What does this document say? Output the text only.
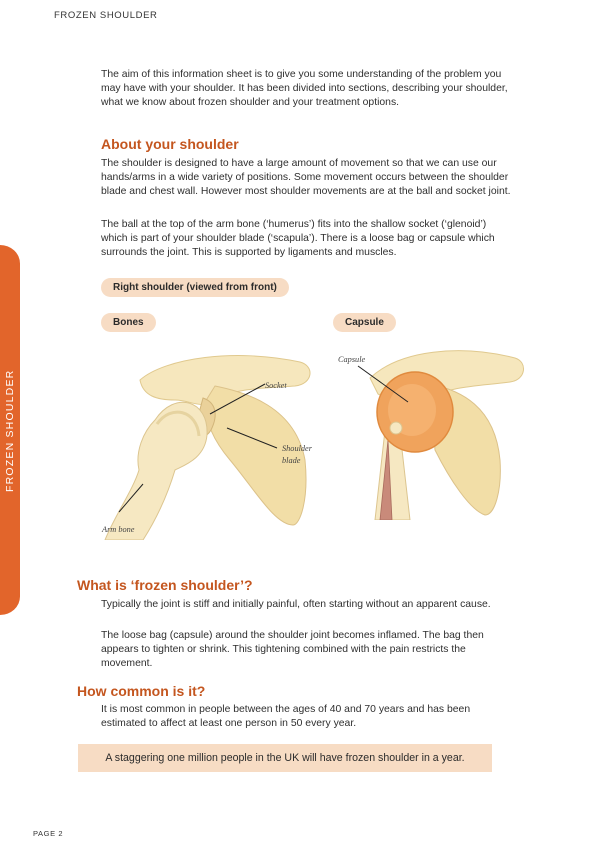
FROZEN SHOULDER

The aim of this information sheet is to give you some understanding of the problem you may have with your shoulder. It has been divided into sections, describing your shoulder, what we know about frozen shoulder and your treatment options.

About your shoulder

The shoulder is designed to have a large amount of movement so that we can use our hands/arms in a wide variety of positions. Some movement occurs between the shoulder blade and chest wall. However most shoulder movements are at the ball and socket joint.

The ball at the top of the arm bone (‘humerus’) fits into the shallow socket (‘glenoid’) which is part of your shoulder blade (‘scapula’). There is a loose bag or capsule which surrounds the joint. This is supported by ligaments and muscles.

Right shoulder (viewed from front)
Bones	Capsule
Socket
Shoulder
blade
Arm bone
Capsule
What is ‘frozen shoulder’?

Typically the joint is stiff and initially painful, often starting without an apparent cause.

The loose bag (capsule) around the shoulder joint becomes inflamed. The bag then appears to tighten or shrink. This tightening combined with the pain restricts the movement.

How common is it?

It is most common in people between the ages of 40 and 70 years and has been estimated to affect at least one person in 50 every year.

A staggering one million people in the UK will have frozen shoulder in a year.
PAGE 2
